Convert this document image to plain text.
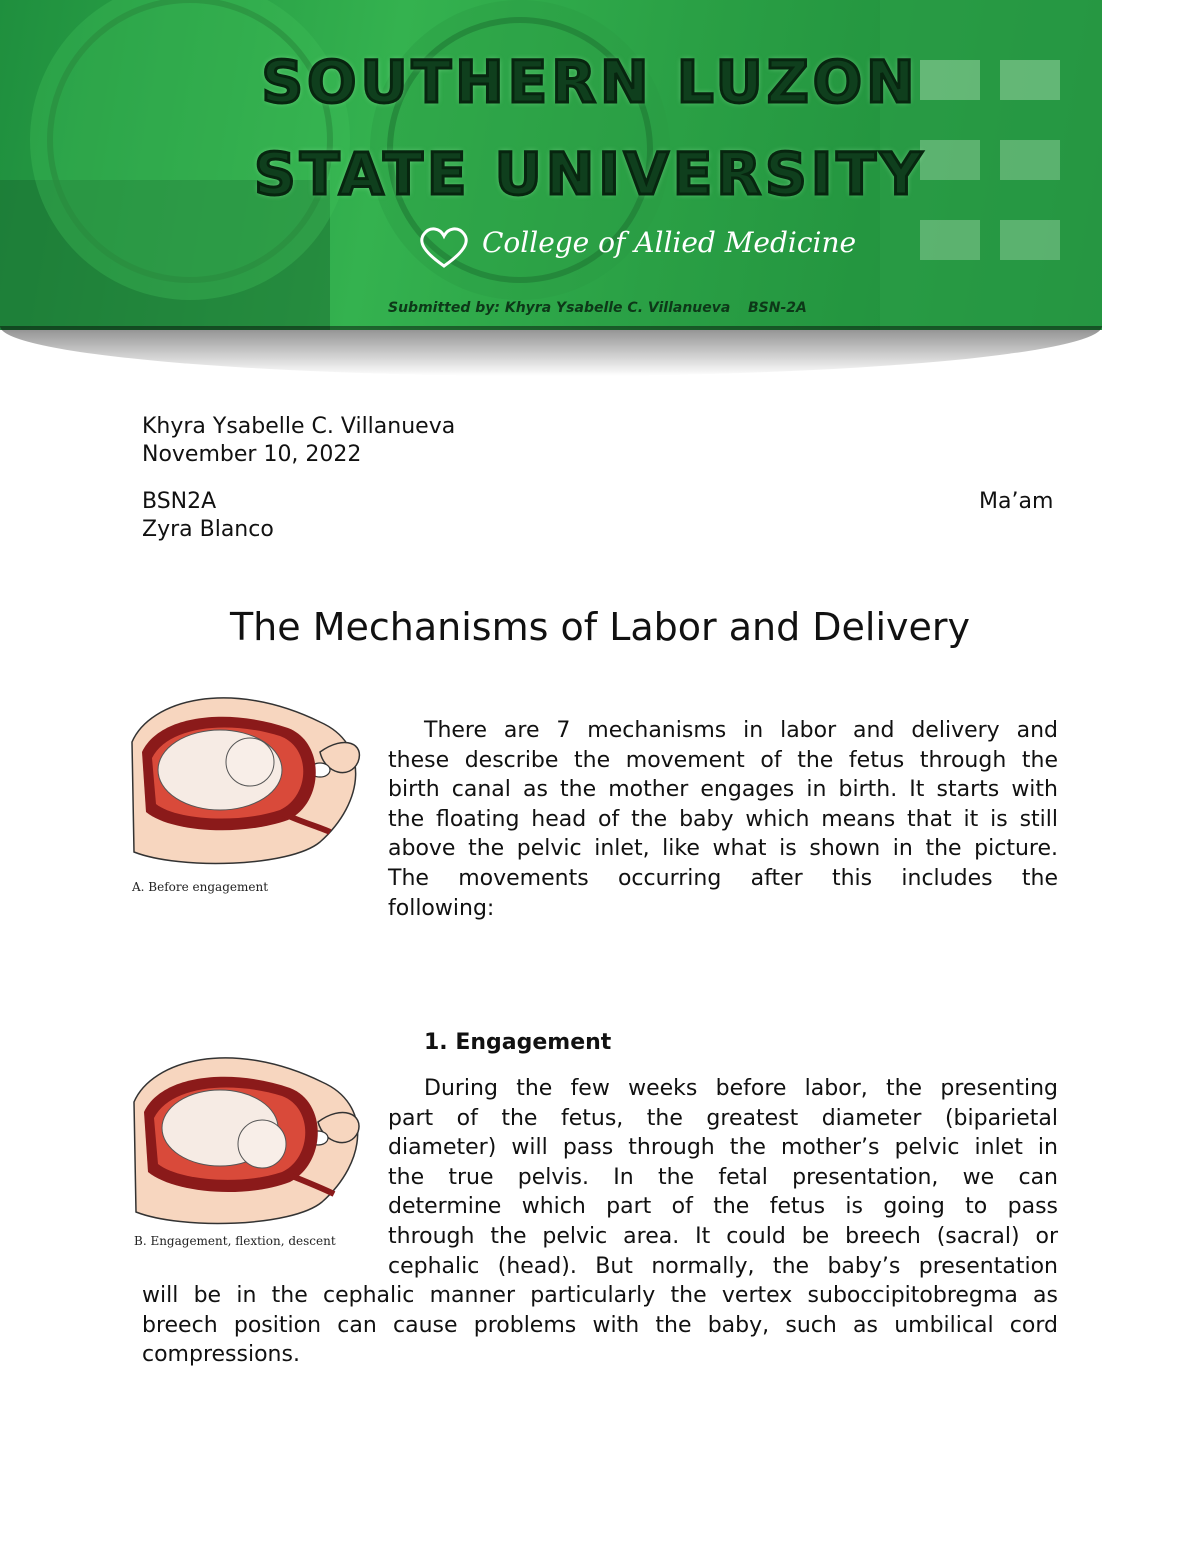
SOUTHERN LUZON
STATE UNIVERSITY
College of Allied Medicine
Submitted by: Khyra Ysabelle C. Villanueva BSN-2A
Khyra Ysabelle C. Villanueva
November 10, 2022
BSN2A	Ma’am
Zyra Blanco
The Mechanisms of Labor and Delivery
A. Before engagement
There are 7 mechanisms in labor and delivery and
these describe the movement of the fetus through the
birth canal as the mother engages in birth. It starts with
the floating head of the baby which means that it is still
above the pelvic inlet, like what is shown in the picture.
The movements occurring after this includes the
following:
1. Engagement
B. Engagement, flextion, descent
During the few weeks before labor, the presenting
part of the fetus, the greatest diameter (biparietal
diameter) will pass through the mother’s pelvic inlet in
the true pelvis. In the fetal presentation, we can
determine which part of the fetus is going to pass
through the pelvic area. It could be breech (sacral) or
cephalic (head). But normally, the baby’s presentation
will be in the cephalic manner particularly the vertex suboccipitobregma as
breech position can cause problems with the baby, such as umbilical cord
compressions.
